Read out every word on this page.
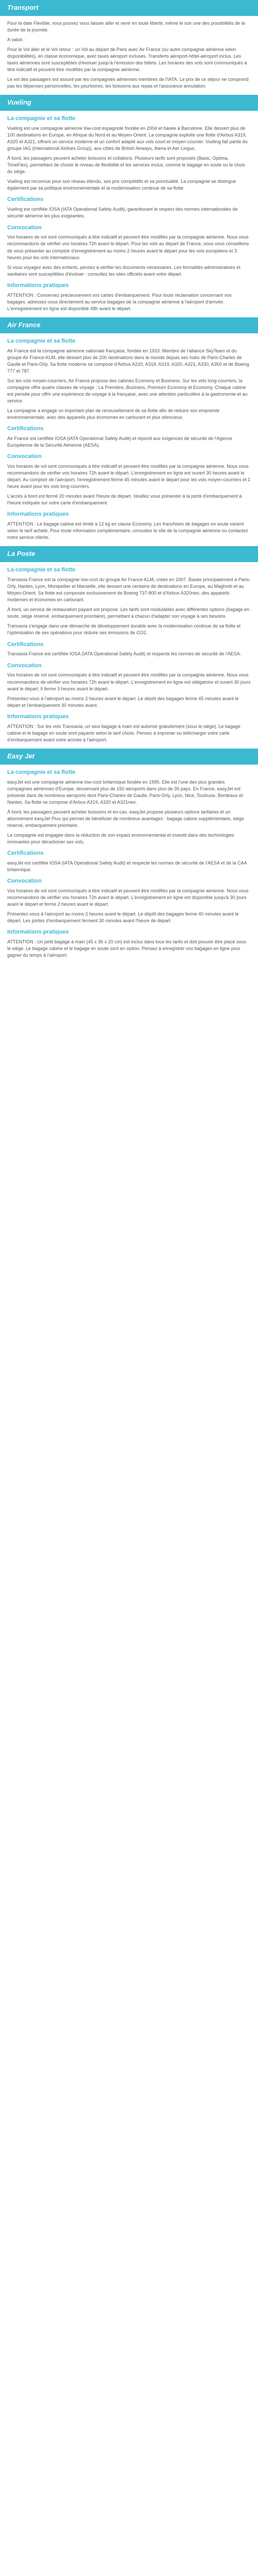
Transport

Pour la date Flexible, vous pouvez vous laisser aller et venir en toute liberté, même le soir une des possibilités de la durée de la journée.

A valoir.

Pour le Vol aller et le Vol retour : un Vol au départ de Paris avec Air France (ou autre compagnie aérienne selon disponibilités), en classe économique, avec taxes aéroport incluses. Transferts aéroport-hôtel-aéroport inclus. Les taxes aériennes sont susceptibles d'évoluer jusqu'à l'émission des billets. Les horaires des vols sont communiqués à titre indicatif et peuvent être modifiés par la compagnie aérienne.

Le vol des passagers est assuré par les compagnies aériennes membres de l'IATA. Le prix de ce séjour ne comprend pas les dépenses personnelles, les pourboires, les boissons aux repas et l'assurance annulation.

Vueling
La compagnie et sa flotte

Vueling est une compagnie aérienne low-cost espagnole fondée en 2004 et basée à Barcelone. Elle dessert plus de 100 destinations en Europe, en Afrique du Nord et au Moyen-Orient. La compagnie exploite une flotte d'Airbus A319, A320 et A321, offrant un service moderne et un confort adapté aux vols court et moyen-courrier. Vueling fait partie du groupe IAG (International Airlines Group), aux côtés de British Airways, Iberia et Aer Lingus.

À bord, les passagers peuvent acheter boissons et collations. Plusieurs tarifs sont proposés (Basic, Optima, TimeFlex), permettant de choisir le niveau de flexibilité et les services inclus, comme le bagage en soute ou le choix du siège.

Vueling est reconnue pour son réseau étendu, ses prix compétitifs et sa ponctualité. La compagnie se distingue également par sa politique environnementale et la modernisation continue de sa flotte.

Certifications

Vueling est certifiée IOSA (IATA Operational Safety Audit), garantissant le respect des normes internationales de sécurité aérienne les plus exigeantes.

Convocation

Vos horaires de vol sont communiqués à titre indicatif et peuvent être modifiés par la compagnie aérienne. Nous vous recommandons de vérifier vos horaires 72h avant le départ. Pour les vols au départ de France, nous vous conseillons de vous présenter au comptoir d'enregistrement au moins 2 heures avant le départ pour les vols européens et 3 heures pour les vols internationaux.

Si vous voyagez avec des enfants, pensez à vérifier les documents nécessaires. Les formalités administratives et sanitaires sont susceptibles d'évoluer : consultez les sites officiels avant votre départ.

Informations pratiques

ATTENTION : Conservez précieusement vos cartes d'embarquement. Pour toute réclamation concernant vos bagages, adressez-vous directement au service bagages de la compagnie aérienne à l'aéroport d'arrivée. L'enregistrement en ligne est disponible 48h avant le départ.

Air France
La compagnie et sa flotte

Air France est la compagnie aérienne nationale française, fondée en 1933. Membre de l'alliance SkyTeam et du groupe Air France-KLM, elle dessert plus de 200 destinations dans le monde depuis ses hubs de Paris-Charles de Gaulle et Paris-Orly. Sa flotte moderne se compose d'Airbus A220, A318, A319, A320, A321, A330, A350 et de Boeing 777 et 787.

Sur les vols moyen-courriers, Air France propose des cabines Economy et Business. Sur les vols long-courriers, la compagnie offre quatre classes de voyage : La Première, Business, Premium Economy et Economy. Chaque cabine est pensée pour offrir une expérience de voyage à la française, avec une attention particulière à la gastronomie et au service.

La compagnie a engagé un important plan de renouvellement de sa flotte afin de réduire son empreinte environnementale, avec des appareils plus économes en carburant et plus silencieux.

Certifications

Air France est certifiée IOSA (IATA Operational Safety Audit) et répond aux exigences de sécurité de l'Agence Européenne de la Sécurité Aérienne (AESA).

Convocation

Vos horaires de vol sont communiqués à titre indicatif et peuvent être modifiés par la compagnie aérienne. Nous vous recommandons de vérifier vos horaires 72h avant le départ. L'enregistrement en ligne est ouvert 30 heures avant le départ. Au comptoir de l'aéroport, l'enregistrement ferme 45 minutes avant le départ pour les vols moyen-courriers et 1 heure avant pour les vols long-courriers.

L'accès à bord est fermé 20 minutes avant l'heure de départ. Veuillez vous présenter à la porte d'embarquement à l'heure indiquée sur votre carte d'embarquement.

Informations pratiques

ATTENTION : Le bagage cabine est limité à 12 kg en classe Economy. Les franchises de bagages en soute varient selon le tarif acheté. Pour toute information complémentaire, consultez le site de la compagnie aérienne ou contactez notre service clients.

La Poste
La compagnie et sa flotte

Transavia France est la compagnie low-cost du groupe Air France-KLM, créée en 2007. Basée principalement à Paris-Orly, Nantes, Lyon, Montpellier et Marseille, elle dessert une centaine de destinations en Europe, au Maghreb et au Moyen-Orient. Sa flotte est composée exclusivement de Boeing 737-800 et d'Airbus A320neo, des appareils modernes et économes en carburant.

À bord, un service de restauration payant est proposé. Les tarifs sont modulables avec différentes options (bagage en soute, siège réservé, embarquement prioritaire), permettant à chacun d'adapter son voyage à ses besoins.

Transavia s'engage dans une démarche de développement durable avec la modernisation continue de sa flotte et l'optimisation de ses opérations pour réduire ses émissions de CO2.

Certifications

Transavia France est certifiée IOSA (IATA Operational Safety Audit) et respecte les normes de sécurité de l'AESA.

Convocation

Vos horaires de vol sont communiqués à titre indicatif et peuvent être modifiés par la compagnie aérienne. Nous vous recommandons de vérifier vos horaires 72h avant le départ. L'enregistrement en ligne est obligatoire et ouvert 30 jours avant le départ. Il ferme 3 heures avant le départ.

Présentez-vous à l'aéroport au moins 2 heures avant le départ. Le dépôt des bagages ferme 45 minutes avant le départ et l'embarquement 30 minutes avant.

Informations pratiques

ATTENTION : Sur les vols Transavia, un seul bagage à main est autorisé gratuitement (sous le siège). Le bagage cabine et le bagage en soute sont payants selon le tarif choisi. Pensez à imprimer ou télécharger votre carte d'embarquement avant votre arrivée à l'aéroport.

Easy Jet
La compagnie et sa flotte

easyJet est une compagnie aérienne low-cost britannique fondée en 1995. Elle est l'une des plus grandes compagnies aériennes d'Europe, desservant plus de 150 aéroports dans plus de 30 pays. En France, easyJet est présente dans de nombreux aéroports dont Paris-Charles de Gaulle, Paris-Orly, Lyon, Nice, Toulouse, Bordeaux et Nantes. Sa flotte se compose d'Airbus A319, A320 et A321neo.

À bord, les passagers peuvent acheter boissons et en-cas. easyJet propose plusieurs options tarifaires et un abonnement easyJet Plus qui permet de bénéficier de nombreux avantages : bagage cabine supplémentaire, siège réservé, embarquement prioritaire.

La compagnie est engagée dans la réduction de son impact environnemental et investit dans des technologies innovantes pour décarboner ses vols.

Certifications

easyJet est certifiée IOSA (IATA Operational Safety Audit) et respecte les normes de sécurité de l'AESA et de la CAA britannique.

Convocation

Vos horaires de vol sont communiqués à titre indicatif et peuvent être modifiés par la compagnie aérienne. Nous vous recommandons de vérifier vos horaires 72h avant le départ. L'enregistrement en ligne est disponible jusqu'à 30 jours avant le départ et ferme 2 heures avant le départ.

Présentez-vous à l'aéroport au moins 2 heures avant le départ. Le dépôt des bagages ferme 40 minutes avant le départ. Les portes d'embarquement ferment 30 minutes avant l'heure de départ.

Informations pratiques

ATTENTION : Un petit bagage à main (45 x 36 x 20 cm) est inclus dans tous les tarifs et doit pouvoir être placé sous le siège. Le bagage cabine et le bagage en soute sont en option. Pensez à enregistrer vos bagages en ligne pour gagner du temps à l'aéroport.
